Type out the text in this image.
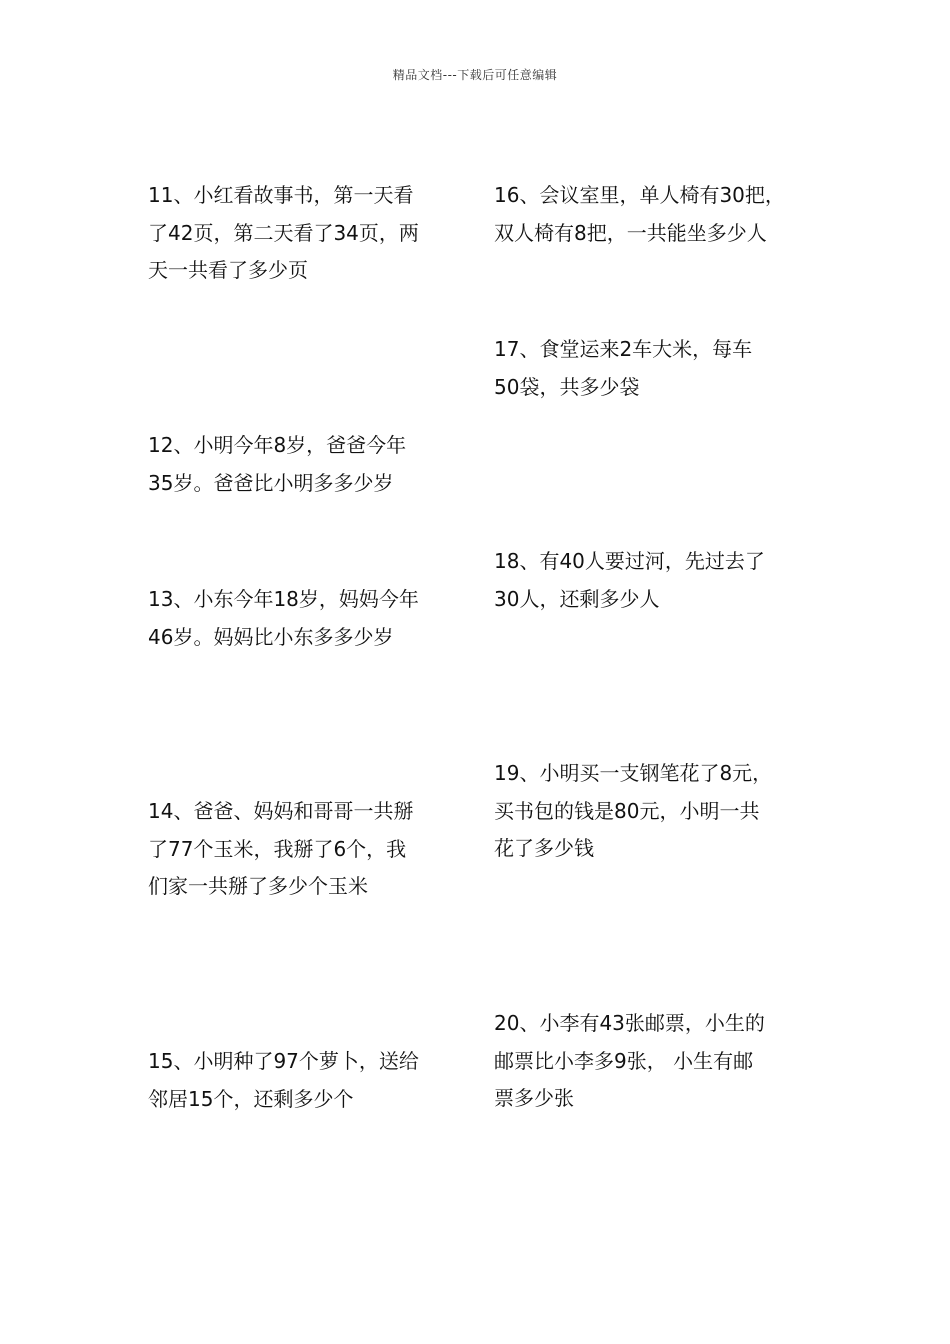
精品文档---下载后可任意编辑
11、小红看故事书，第一天看
了42页，第二天看了34页，两
天一共看了多少页
12、小明今年8岁，爸爸今年
35岁。爸爸比小明多多少岁
13、小东今年18岁，妈妈今年
46岁。妈妈比小东多多少岁
14、爸爸、妈妈和哥哥一共掰
了77个玉米，我掰了6个，我
们家一共掰了多少个玉米
15、小明种了97个萝卜，送给
邻居15个，还剩多少个
16、会议室里，单人椅有30把，
双人椅有8把，一共能坐多少人
17、食堂运来2车大米，每车
50袋，共多少袋
18、有40人要过河，先过去了
30人，还剩多少人
19、小明买一支钢笔花了8元，
买书包的钱是80元，小明一共
花了多少钱
20、小李有43张邮票，小生的
邮票比小李多9张， 小生有邮
票多少张
